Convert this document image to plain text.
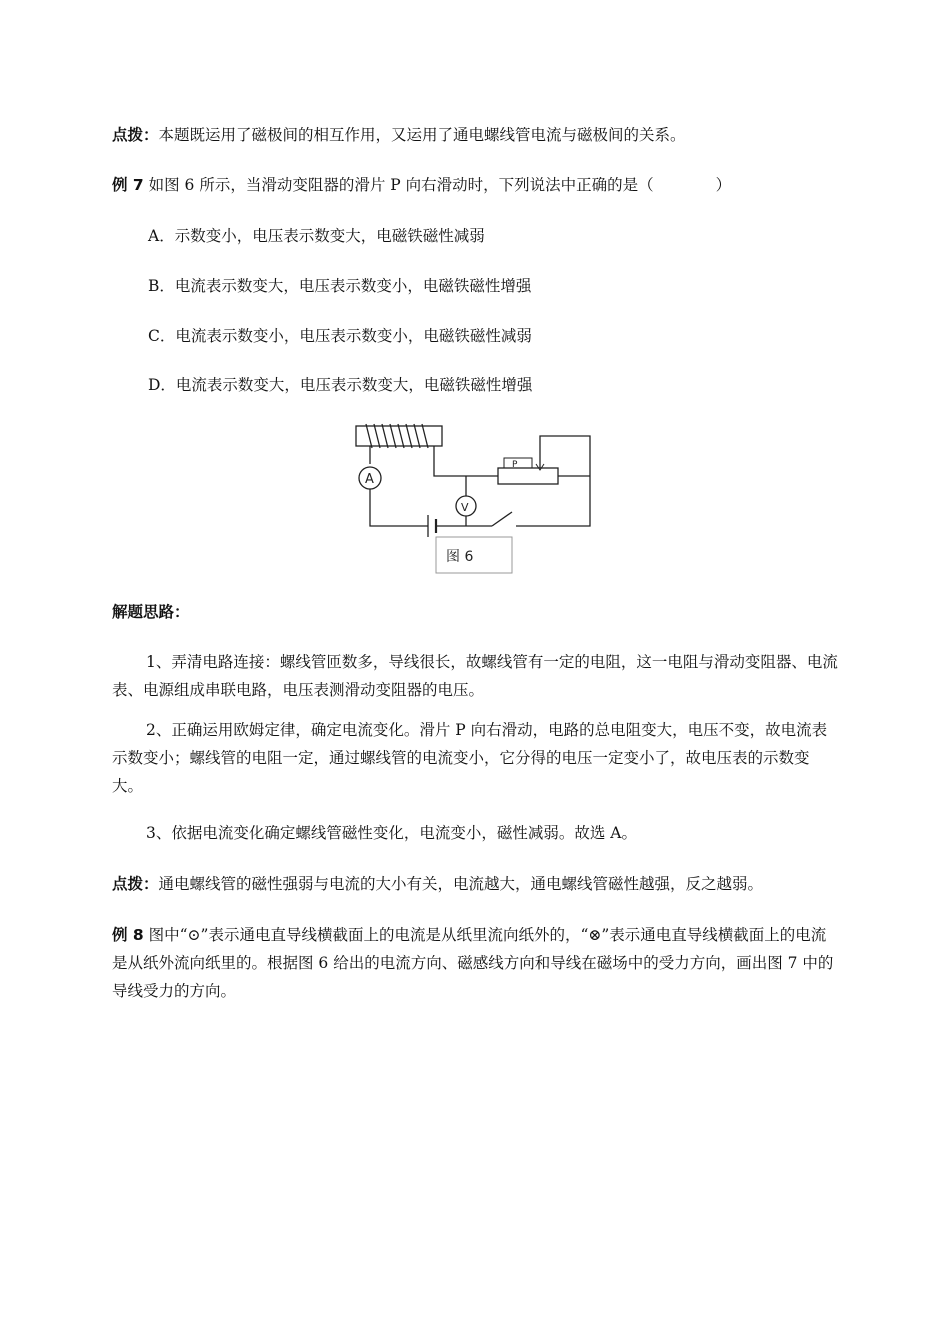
点拨：本题既运用了磁极间的相互作用，又运用了通电螺线管电流与磁极间的关系。

例 7 如图 6 所示，当滑动变阻器的滑片 P 向右滑动时，下列说法中正确的是（　　　　）

A．示数变小，电压表示数变大，电磁铁磁性减弱

B．电流表示数变大，电压表示数变小，电磁铁磁性增强

C．电流表示数变小，电压表示数变小，电磁铁磁性减弱

D．电流表示数变大，电压表示数变大，电磁铁磁性增强

A
V
P
图 6

解题思路：

1、弄清电路连接：螺线管匝数多，导线很长，故螺线管有一定的电阻，这一电阻与滑动变阻器、电流表、电源组成串联电路，电压表测滑动变阻器的电压。

2、正确运用欧姆定律，确定电流变化。滑片 P 向右滑动，电路的总电阻变大，电压不变，故电流表示数变小；螺线管的电阻一定，通过螺线管的电流变小，它分得的电压一定变小了，故电压表的示数变大。

3、依据电流变化确定螺线管磁性变化，电流变小，磁性减弱。故选 A。

点拨：通电螺线管的磁性强弱与电流的大小有关，电流越大，通电螺线管磁性越强，反之越弱。

例 8 图中“⊙”表示通电直导线横截面上的电流是从纸里流向纸外的，“⊗”表示通电直导线横截面上的电流是从纸外流向纸里的。根据图 6 给出的电流方向、磁感线方向和导线在磁场中的受力方向，画出图 7 中的导线受力的方向。
